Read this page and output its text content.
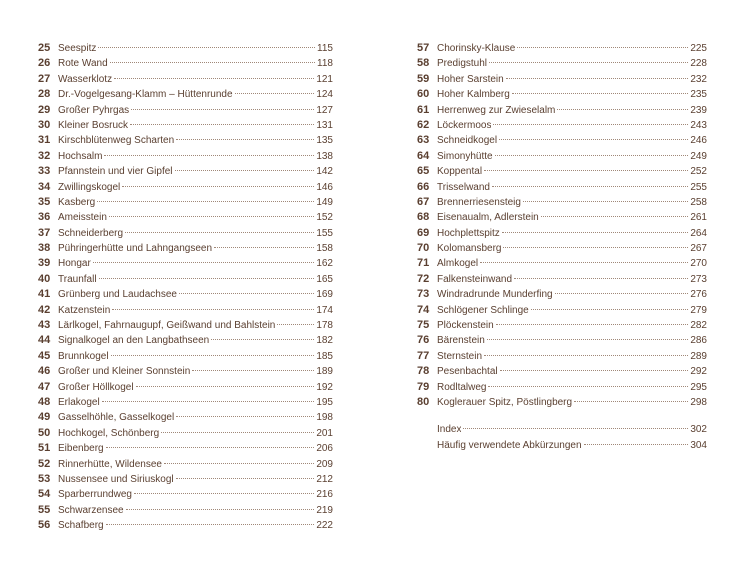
25 Seespitz	115
26 Rote Wand	118
27 Wasserklotz	121
28 Dr.-Vogelgesang-Klamm – Hüttenrunde	124
29 Großer Pyhrgas	127
30 Kleiner Bosruck	131
31 Kirschblütenweg Scharten	135
32 Hochsalm	138
33 Pfannstein und vier Gipfel	142
34 Zwillingskogel	146
35 Kasberg	149
36 Ameisstein	152
37 Schneiderberg	155
38 Pühringerhütte und Lahngangseen	158
39 Hongar	162
40 Traunfall	165
41 Grünberg und Laudachsee	169
42 Katzenstein	174
43 Lärlkogel, Fahrnaugupf, Geißwand und Bahlstein	178
44 Signalkogel an den Langbathseen	182
45 Brunnkogel	185
46 Großer und Kleiner Sonnstein	189
47 Großer Höllkogel	192
48 Erlakogel	195
49 Gasselhöhle, Gasselkogel	198
50 Hochkogel, Schönberg	201
51 Eibenberg	206
52 Rinnerhütte, Wildensee	209
53 Nussensee und Siriuskogl	212
54 Sparberrundweg	216
55 Schwarzensee	219
56 Schafberg	222
57 Chorinsky-Klause	225
58 Predigstuhl	228
59 Hoher Sarstein	232
60 Hoher Kalmberg	235
61 Herrenweg zur Zwieselalm	239
62 Löckermoos	243
63 Schneidkogel	246
64 Simonyhütte	249
65 Koppental	252
66 Trisselwand	255
67 Brennerriesensteig	258
68 Eisenaualm, Adlerstein	261
69 Hochplettspitz	264
70 Kolomansberg	267
71 Almkogel	270
72 Falkensteinwand	273
73 Windradrunde Munderfing	276
74 Schlögener Schlinge	279
75 Plöckenstein	282
76 Bärenstein	286
77 Sternstein	289
78 Pesenbachtal	292
79 Rodltalweg	295
80 Koglerauer Spitz, Pöstlingberg	298
Index	302
Häufig verwendete Abkürzungen	304
